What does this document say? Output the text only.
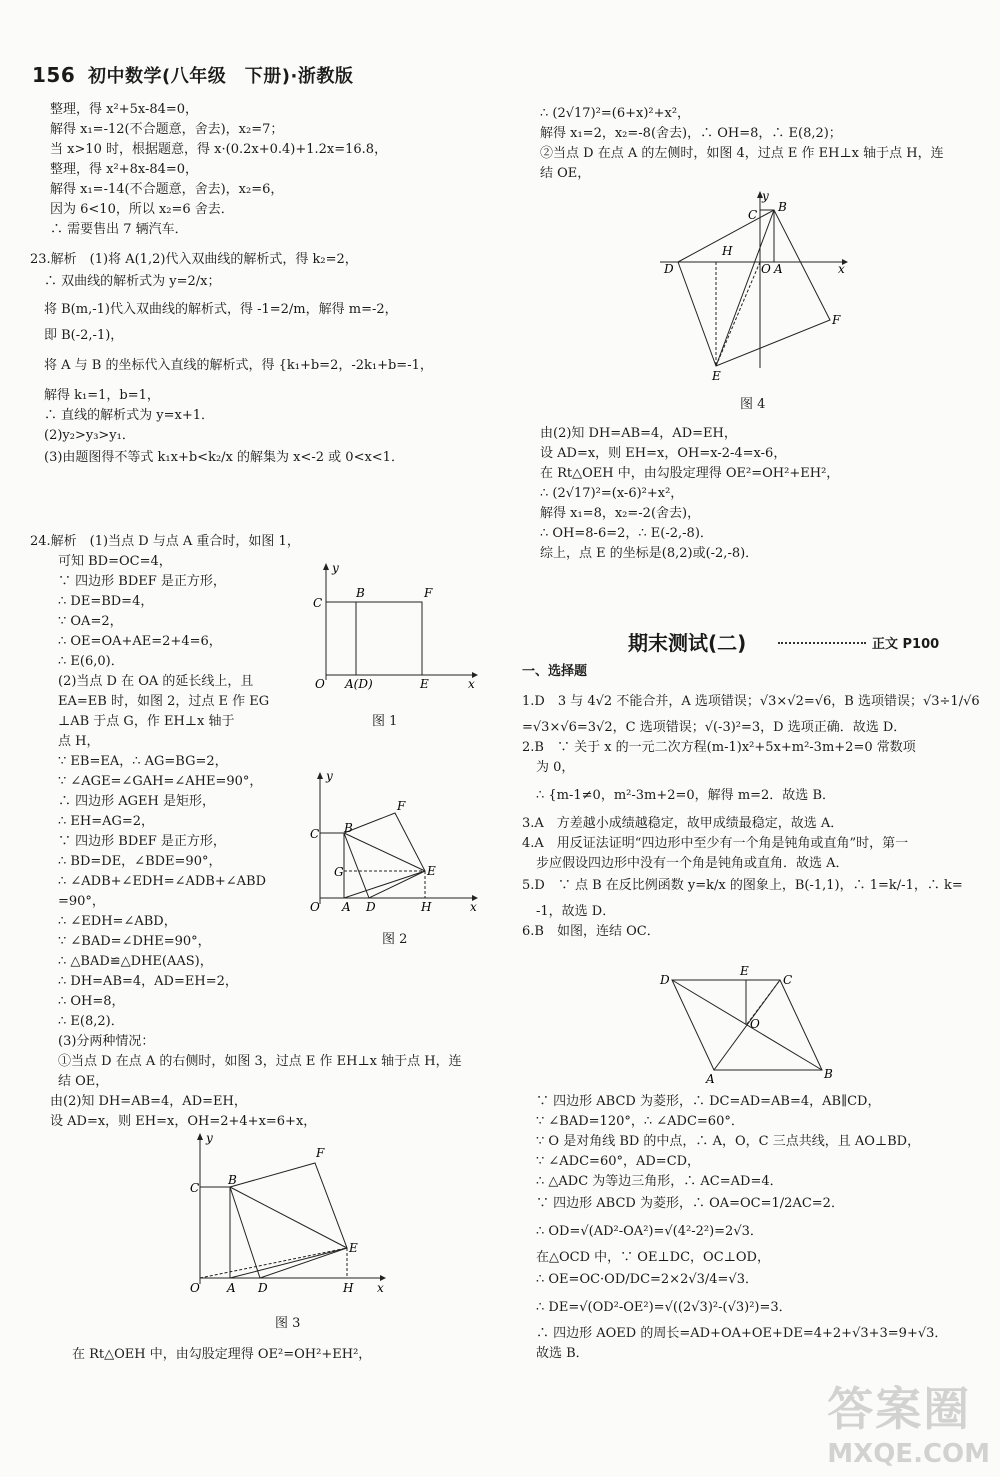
156 初中数学(八年级　下册)·浙教版
整理，得 x²+5x-84=0，
解得 x₁=-12(不合题意，舍去)，x₂=7；
当 x>10 时，根据题意，得 x·(0.2x+0.4)+1.2x=16.8，
整理，得 x²+8x-84=0，
解得 x₁=-14(不合题意，舍去)，x₂=6，
因为 6<10，所以 x₂=6 舍去．
∴ 需要售出 7 辆汽车．
23.解析　(1)将 A(1,2)代入双曲线的解析式，得 k₂=2，
∴ 双曲线的解析式为 y=2/x；
将 B(m,-1)代入双曲线的解析式，得 -1=2/m，解得 m=-2，
即 B(-2,-1)，
将 A 与 B 的坐标代入直线的解析式，得 {k₁+b=2，-2k₁+b=-1，
解得 k₁=1，b=1，
∴ 直线的解析式为 y=x+1．
(2)y₂>y₃>y₁．
(3)由题图得不等式 k₁x+b<k₂/x 的解集为 x<-2 或 0<x<1．
24.解析　(1)当点 D 与点 A 重合时，如图 1，
可知 BD=OC=4，
∵ 四边形 BDEF 是正方形，
∴ DE=BD=4，
∵ OA=2，
∴ OE=OA+AE=2+4=6，
∴ E(6,0)．
(2)当点 D 在 OA 的延长线上，且
EA=EB 时，如图 2，过点 E 作 EG
⊥AB 于点 G，作 EH⊥x 轴于
点 H，
∵ EB=EA，∴ AG=BG=2，
∵ ∠AGE=∠GAH=∠AHE=90°，
∴ 四边形 AGEH 是矩形，
∴ EH=AG=2，
∵ 四边形 BDEF 是正方形，
∴ BD=DE，∠BDE=90°，
∴ ∠ADB+∠EDH=∠ADB+∠ABD
=90°，
∴ ∠EDH=∠ABD，
∵ ∠BAD=∠DHE=90°，
∴ △BAD≌△DHE(AAS)，
∴ DH=AB=4，AD=EH=2，
∴ OH=8，
∴ E(8,2)．
(3)分两种情况：
①当点 D 在点 A 的右侧时，如图 3，过点 E 作 EH⊥x 轴于点 H，连
结 OE，
y
C
B	F
O A(D)	E	x
图 1
y
F
C B
G	E
O A D	H	x
图 2
由(2)知 DH=AB=4，AD=EH，
设 AD=x，则 EH=x，OH=2+4+x=6+x，
y
F
C
B
E
O A D	H x
图 3
在 Rt△OEH 中，由勾股定理得 OE²=OH²+EH²，
∴ (2√17)²=(6+x)²+x²，
解得 x₁=2，x₂=-8(舍去)，∴ OH=8，∴ E(8,2)；
②当点 D 在点 A 的左侧时，如图 4，过点 E 作 EH⊥x 轴于点 H，连
结 OE，
y
C
B
H
D	O A	x
F
E
图 4
由(2)知 DH=AB=4，AD=EH，
设 AD=x，则 EH=x，OH=x-2-4=x-6，
在 Rt△OEH 中，由勾股定理得 OE²=OH²+EH²，
∴ (2√17)²=(x-6)²+x²，
解得 x₁=8，x₂=-2(舍去)，
∴ OH=8-6=2，∴ E(-2,-8)．
综上，点 E 的坐标是(8,2)或(-2,-8)．
期末测试(二)	正文 P100
一、选择题
1.D　3 与 4√2 不能合并，A 选项错误；√3×√2=√6，B 选项错误；√3÷1/√6
=√3×√6=3√2，C 选项错误；√(-3)²=3，D 选项正确．故选 D．
2.B　∵ 关于 x 的一元二次方程(m-1)x²+5x+m²-3m+2=0 常数项
为 0，
∴ {m-1≠0，m²-3m+2=0，解得 m=2．故选 B．
3.A　方差越小成绩越稳定，故甲成绩最稳定，故选 A．
4.A　用反证法证明“四边形中至少有一个角是钝角或直角”时，第一
步应假设四边形中没有一个角是钝角或直角．故选 A．
5.D　∵ 点 B 在反比例函数 y=k/x 的图象上，B(-1,1)，∴ 1=k/-1，∴ k=
-1，故选 D．
6.B　如图，连结 OC．
D
E
C
O
A	B
∵ 四边形 ABCD 为菱形，∴ DC=AD=AB=4，AB∥CD，
∵ ∠BAD=120°，∴ ∠ADC=60°．
∵ O 是对角线 BD 的中点，∴ A，O，C 三点共线，且 AO⊥BD，
∵ ∠ADC=60°，AD=CD，
∴ △ADC 为等边三角形，∴ AC=AD=4．
∵ 四边形 ABCD 为菱形，∴ OA=OC=1/2AC=2．
∴ OD=√(AD²-OA²)=√(4²-2²)=2√3．
在△OCD 中，∵ OE⊥DC，OC⊥OD，
∴ OE=OC·OD/DC=2×2√3/4=√3．
∴ DE=√(OD²-OE²)=√((2√3)²-(√3)²)=3．
∴ 四边形 AOED 的周长=AD+OA+OE+DE=4+2+√3+3=9+√3．
故选 B．
答案圈
MXQE.COM
